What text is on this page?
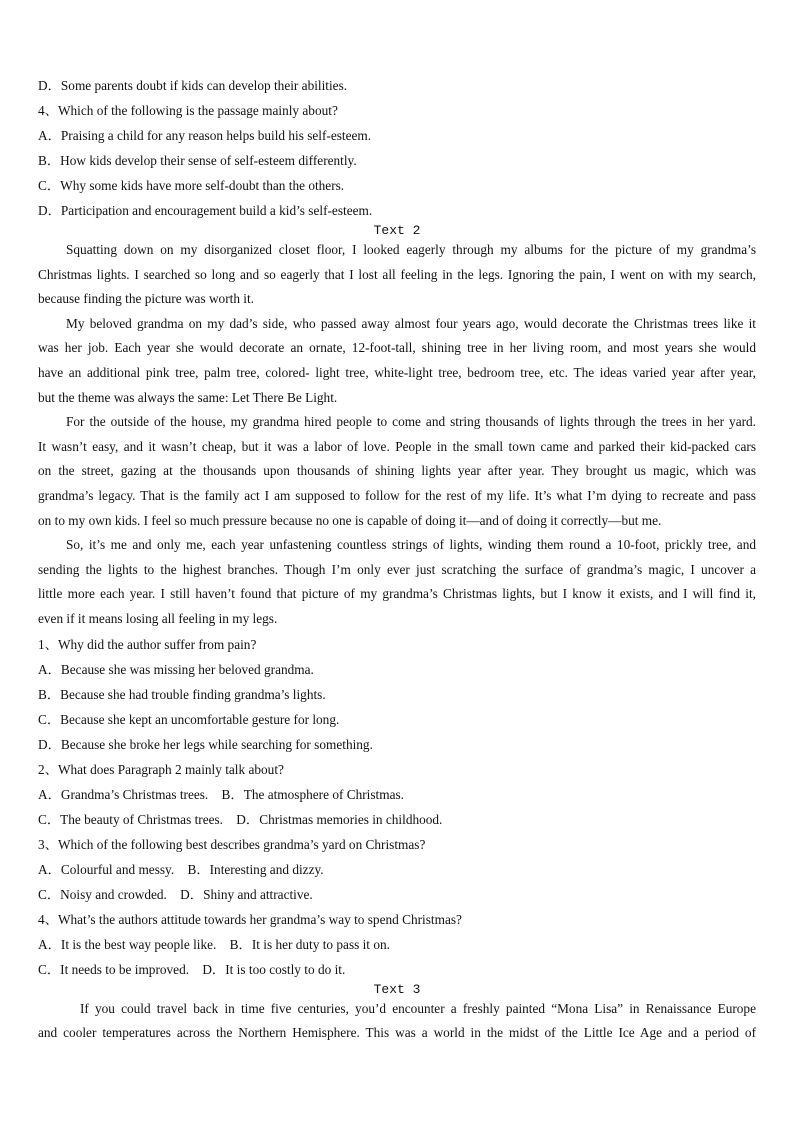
D．Some parents doubt if kids can develop their abilities.
4、Which of the following is the passage mainly about?
A．Praising a child for any reason helps build his self-esteem.
B．How kids develop their sense of self-esteem differently.
C．Why some kids have more self-doubt than the others.
D．Participation and encouragement build a kid’s self-esteem.
Text 2
Squatting down on my disorganized closet floor, I looked eagerly through my albums for the picture of my grandma’s
Christmas lights. I searched so long and so eagerly that I lost all feeling in the legs. Ignoring the pain, I went on with my search,
because finding the picture was worth it.
My beloved grandma on my dad’s side, who passed away almost four years ago, would decorate the Christmas trees like it
was her job. Each year she would decorate an ornate, 12-foot-tall, shining tree in her living room, and most years she would
have an additional pink tree, palm tree, colored- light tree, white-light tree, bedroom tree, etc. The ideas varied year after year,
but the theme was always the same: Let There Be Light.
For the outside of the house, my grandma hired people to come and string thousands of lights through the trees in her yard.
It wasn’t easy, and it wasn’t cheap, but it was a labor of love. People in the small town came and parked their kid-packed cars
on the street, gazing at the thousands upon thousands of shining lights year after year. They brought us magic, which was
grandma’s legacy. That is the family act I am supposed to follow for the rest of my life. It’s what I’m dying to recreate and pass
on to my own kids. I feel so much pressure because no one is capable of doing it—and of doing it correctly—but me.
So, it’s me and only me, each year unfastening countless strings of lights, winding them round a 10-foot, prickly tree, and
sending the lights to the highest branches. Though I’m only ever just scratching the surface of grandma’s magic, I uncover a
little more each year. I still haven’t found that picture of my grandma’s Christmas lights, but I know it exists, and I will find it,
even if it means losing all feeling in my legs.
1、Why did the author suffer from pain?
A．Because she was missing her beloved grandma.
B．Because she had trouble finding grandma’s lights.
C．Because she kept an uncomfortable gesture for long.
D．Because she broke her legs while searching for something.
2、What does Paragraph 2 mainly talk about?
A．Grandma’s Christmas trees.    B．The atmosphere of Christmas.
C．The beauty of Christmas trees.    D．Christmas memories in childhood.
3、Which of the following best describes grandma’s yard on Christmas?
A．Colourful and messy.    B．Interesting and dizzy.
C．Noisy and crowded.    D．Shiny and attractive.
4、What’s the authors attitude towards her grandma’s way to spend Christmas?
A．It is the best way people like.    B．It is her duty to pass it on.
C．It needs to be improved.    D．It is too costly to do it.
Text 3
If you could travel back in time five centuries, you’d encounter a freshly painted “Mona Lisa” in Renaissance Europe
and cooler temperatures across the Northern Hemisphere. This was a world in the midst of the Little Ice Age and a period of
